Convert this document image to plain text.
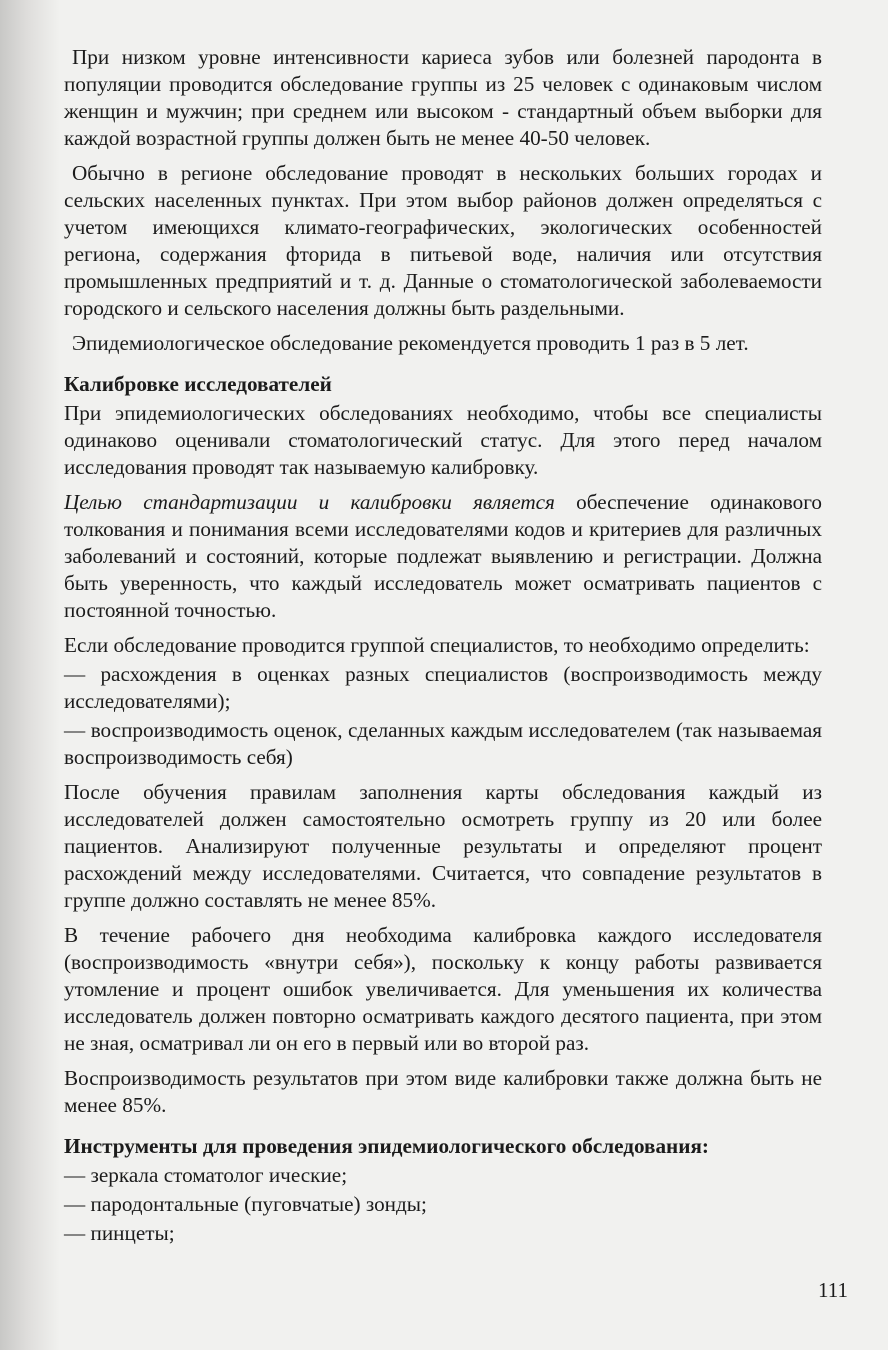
При низком уровне интенсивности кариеса зубов или болезней пародонта в популяции проводится обследование группы из 25 человек с одинаковым числом женщин и мужчин; при среднем или высоком - стандартный объем выборки для каждой возрастной группы должен быть не менее 40-50 человек.

Обычно в регионе обследование проводят в нескольких больших городах и сельских населенных пунктах. При этом выбор районов должен определяться с учетом имеющихся климато-географических, экологических особенностей региона, содержания фторида в питьевой воде, наличия или отсутствия промышленных предприятий и т. д. Данные о стоматологической заболеваемости городского и сельского населения должны быть раздельными.

Эпидемиологическое обследование рекомендуется проводить 1 раз в 5 лет.

Калибровке исследователей

При эпидемиологических обследованиях необходимо, чтобы все специалисты одинаково оценивали стоматологический статус. Для этого перед началом исследования проводят так называемую калибровку.

Целью стандартизации и калибровки является обеспечение одинакового толкования и понимания всеми исследователями кодов и критериев для различных заболеваний и состояний, которые подлежат выявлению и регистрации. Должна быть уверенность, что каждый исследователь может осматривать пациентов с постоянной точностью.

Если обследование проводится группой специалистов, то необходимо определить:

— расхождения в оценках разных специалистов (воспроизводимость между исследователями);

— воспроизводимость оценок, сделанных каждым исследователем (так называемая воспроизводимость себя)

После обучения правилам заполнения карты обследования каждый из исследователей должен самостоятельно осмотреть группу из 20 или более пациентов. Анализируют полученные результаты и определяют процент расхождений между исследователями. Считается, что совпадение результатов в группе должно составлять не менее 85%.

В течение рабочего дня необходима калибровка каждого исследователя (воспроизводимость «внутри себя»), поскольку к концу работы развивается утомление и процент ошибок увеличивается. Для уменьшения их количества исследователь должен повторно осматривать каждого десятого пациента, при этом не зная, осматривал ли он его в первый или во второй раз.

Воспроизводимость результатов при этом виде калибровки также должна быть не менее 85%.

Инструменты для проведения эпидемиологического обследования:
— зеркала стоматолог ические;
— пародонтальные (пуговчатые) зонды;
— пинцеты;
111
